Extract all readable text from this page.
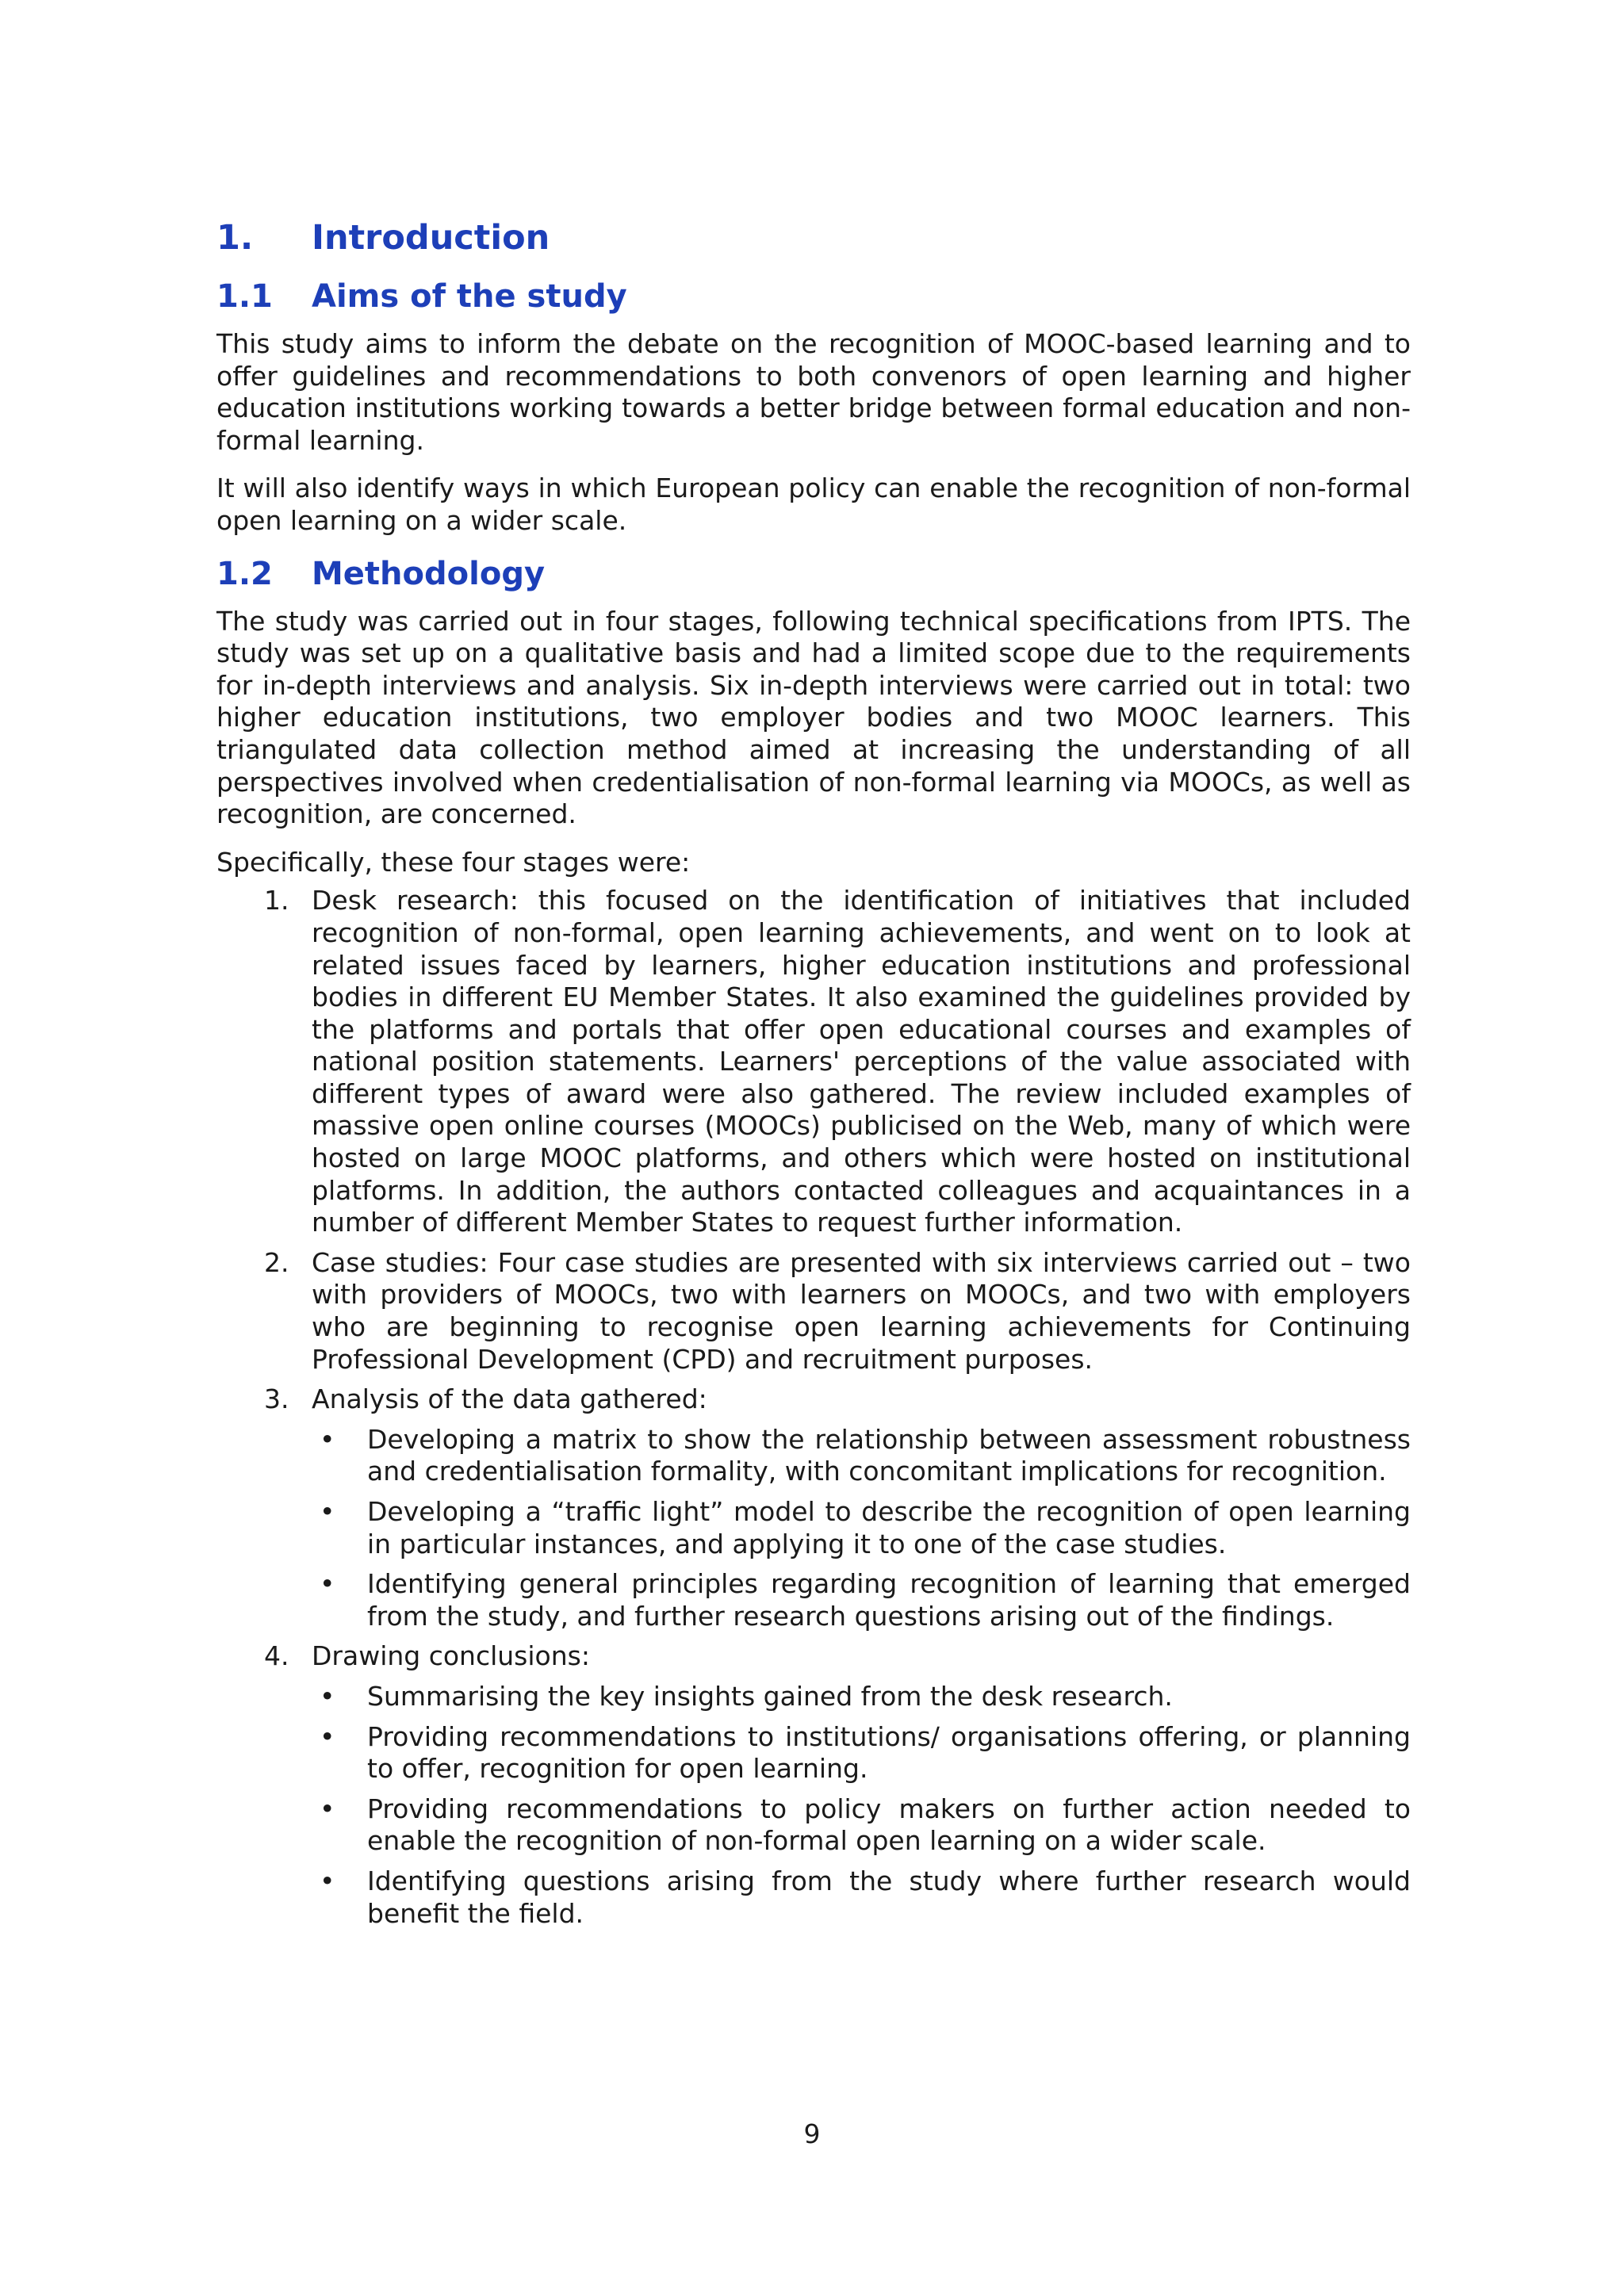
1.	Introduction
1.1	Aims of the study

This study aims to inform the debate on the recognition of MOOC-based learning and to offer guidelines and recommendations to both convenors of open learning and higher education institutions working towards a better bridge between formal education and non-formal learning.

It will also identify ways in which European policy can enable the recognition of non-formal open learning on a wider scale.

1.2	Methodology

The study was carried out in four stages, following technical specifications from IPTS. The study was set up on a qualitative basis and had a limited scope due to the requirements for in-depth interviews and analysis. Six in-depth interviews were carried out in total: two higher education institutions, two employer bodies and two MOOC learners. This triangulated data collection method aimed at increasing the understanding of all perspectives involved when credentialisation of non-formal learning via MOOCs, as well as recognition, are concerned.

Specifically, these four stages were:

1. Desk research: this focused on the identification of initiatives that included recognition of non-formal, open learning achievements, and went on to look at related issues faced by learners, higher education institutions and professional bodies in different EU Member States. It also examined the guidelines provided by the platforms and portals that offer open educational courses and examples of national position statements. Learners' perceptions of the value associated with different types of award were also gathered. The review included examples of massive open online courses (MOOCs) publicised on the Web, many of which were hosted on large MOOC platforms, and others which were hosted on institutional platforms. In addition, the authors contacted colleagues and acquaintances in a number of different Member States to request further information.
2. Case studies: Four case studies are presented with six interviews carried out – two with providers of MOOCs, two with learners on MOOCs, and two with employers who are beginning to recognise open learning achievements for Continuing Professional Development (CPD) and recruitment purposes.
3. Analysis of the data gathered:
• Developing a matrix to show the relationship between assessment robustness and credentialisation formality, with concomitant implications for recognition.
• Developing a “traffic light” model to describe the recognition of open learning in particular instances, and applying it to one of the case studies.
• Identifying general principles regarding recognition of learning that emerged from the study, and further research questions arising out of the findings.
4. Drawing conclusions:
• Summarising the key insights gained from the desk research.
• Providing recommendations to institutions/ organisations offering, or planning to offer, recognition for open learning.
• Providing recommendations to policy makers on further action needed to enable the recognition of non-formal open learning on a wider scale.
• Identifying questions arising from the study where further research would benefit the field.
9
